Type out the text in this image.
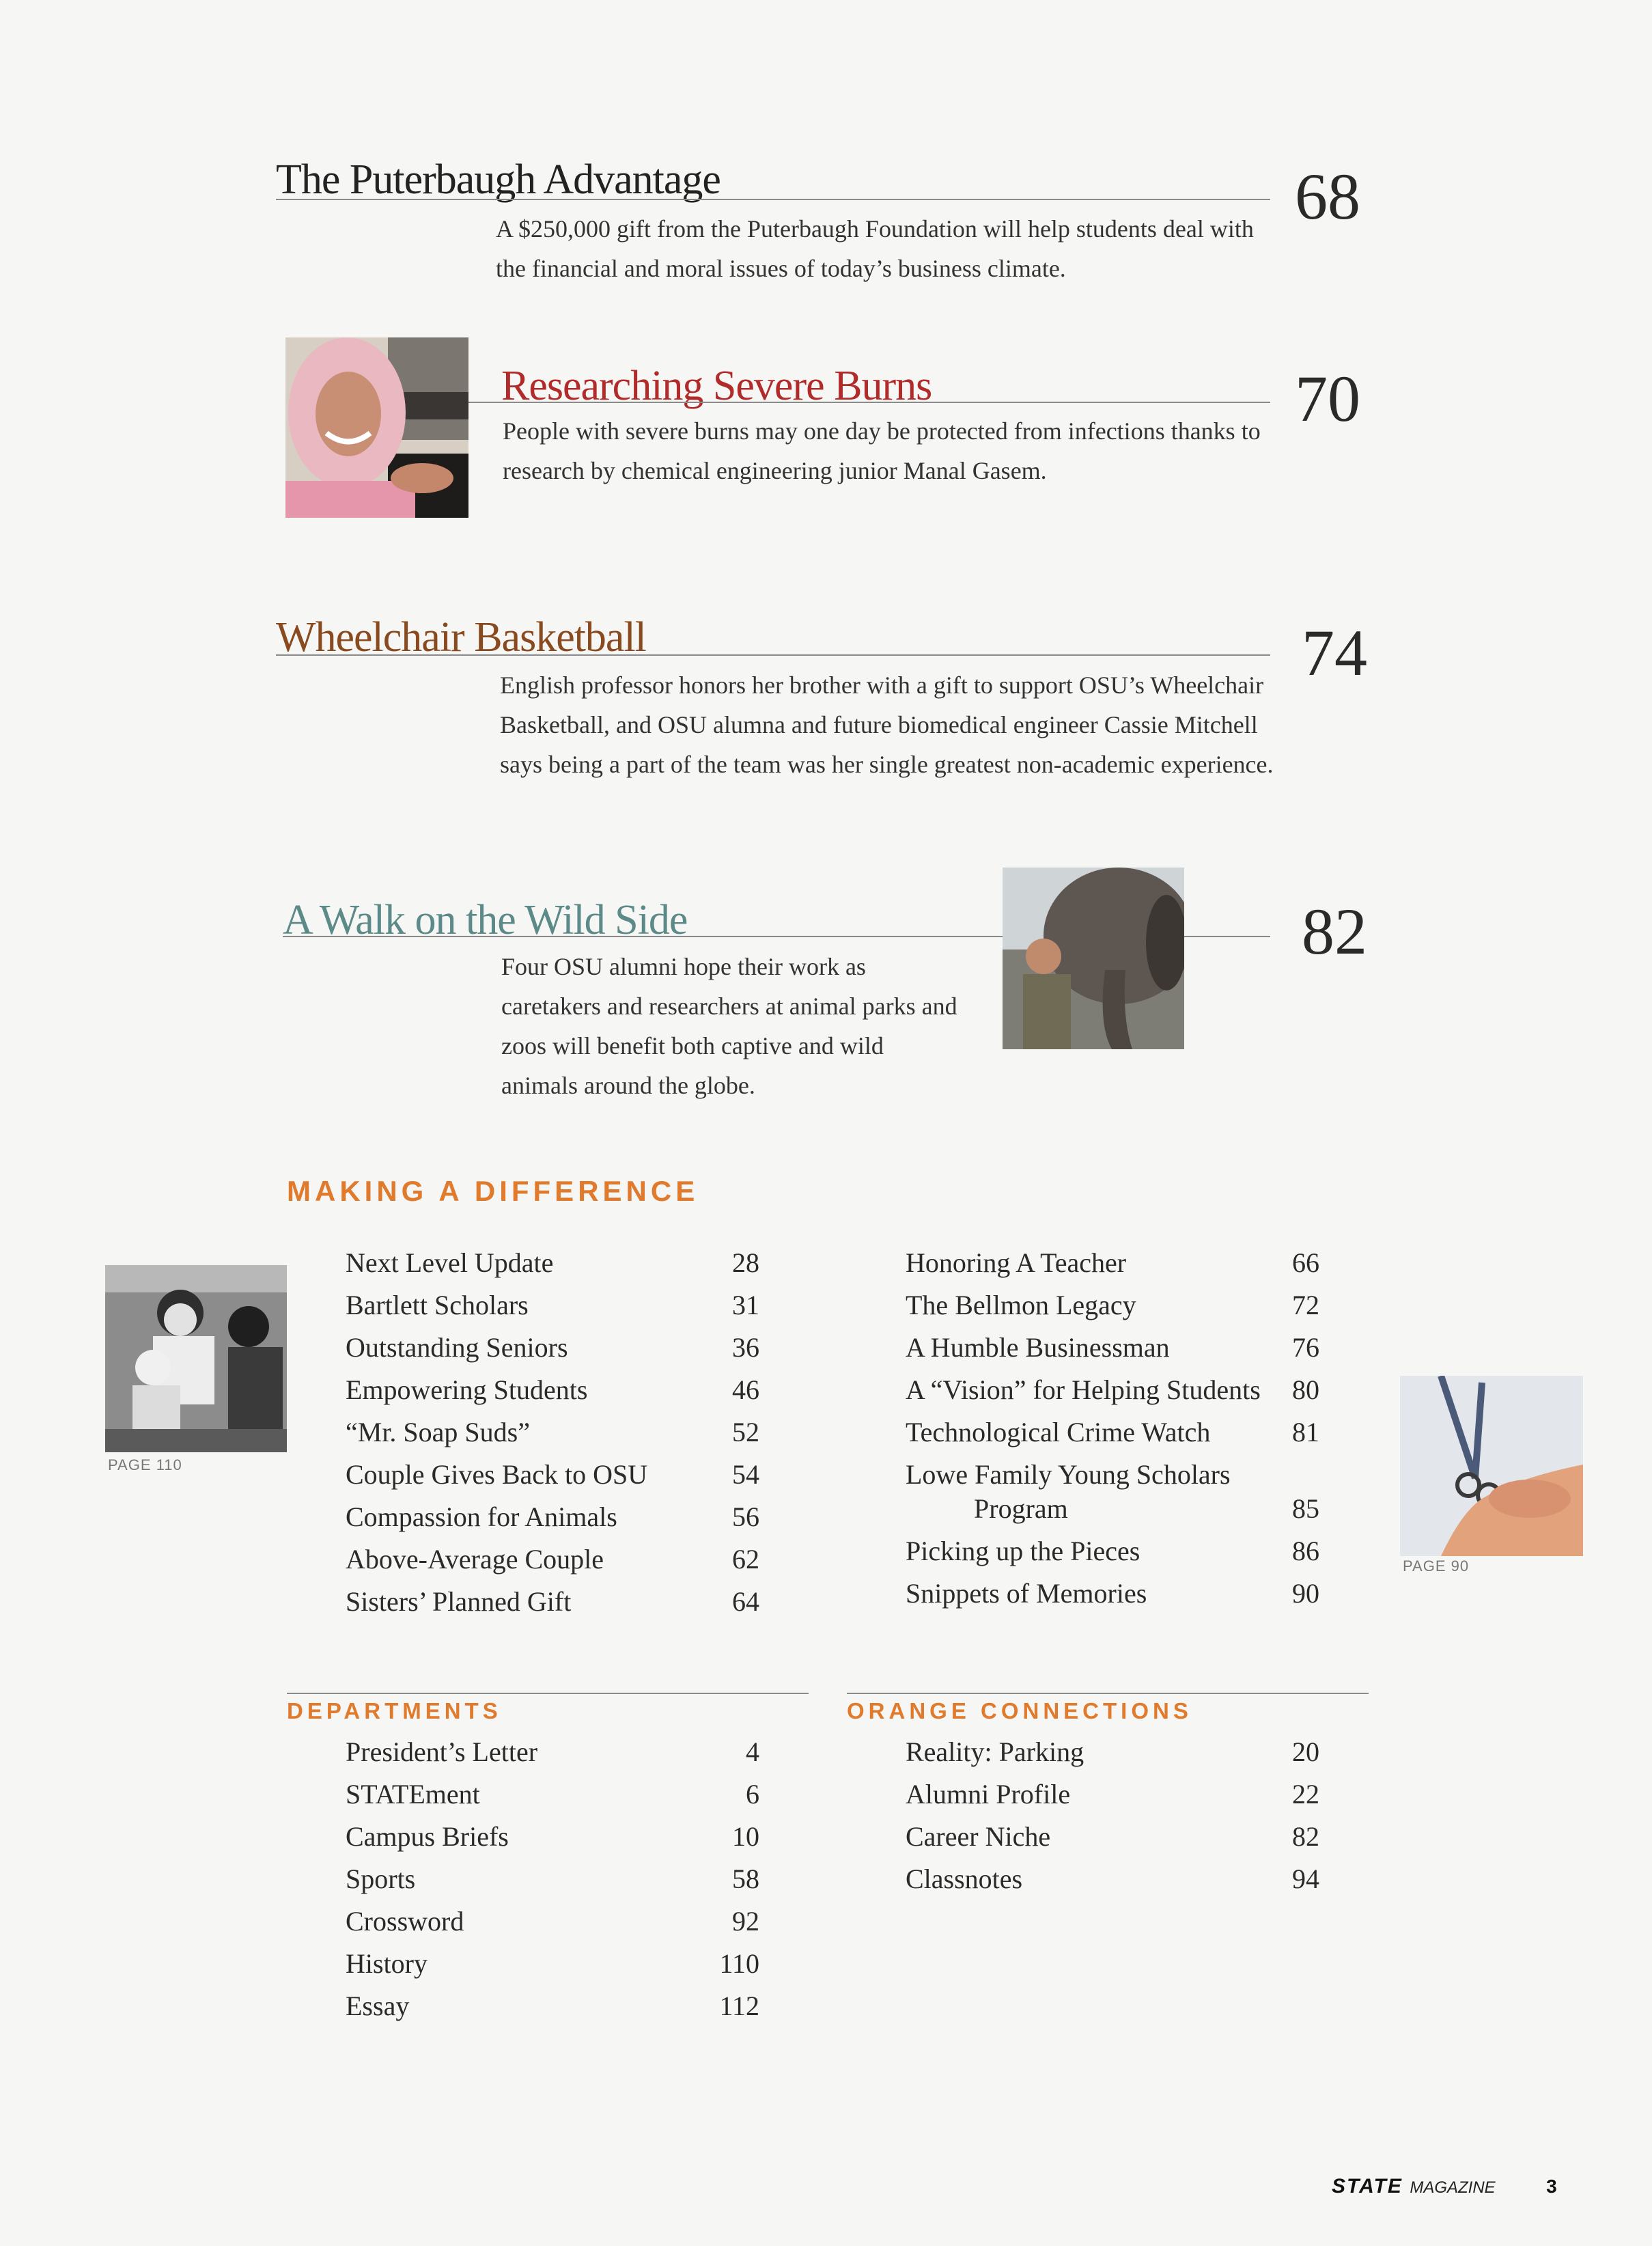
The Puterbaugh Advantage	68
A $250,000 gift from the Puterbaugh Foundation will help students deal with the financial and moral issues of today’s business climate.
Researching Severe Burns	70
People with severe burns may one day be protected from infections thanks to research by chemical engineering junior Manal Gasem.
Wheelchair Basketball	74
English professor honors her brother with a gift to support OSU’s Wheelchair Basketball, and OSU alumna and future biomedical engineer Cassie Mitchell says being a part of the team was her single greatest non-academic experience.
A Walk on the Wild Side	82
Four OSU alumni hope their work as caretakers and researchers at animal parks and zoos will benefit both captive and wild animals around the globe.
MAKING A DIFFERENCE
PAGE 110
Next Level Update	28
Bartlett Scholars	31
Outstanding Seniors	36
Empowering Students	46
“Mr. Soap Suds”	52
Couple Gives Back to OSU	54
Compassion for Animals	56
Above-Average Couple	62
Sisters’ Planned Gift	64
Honoring A Teacher	66
The Bellmon Legacy	72
A Humble Businessman	76
A “Vision” for Helping Students 80
Technological Crime Watch	81
Lowe Family Young Scholars
Program	85
Picking up the Pieces	86
Snippets of Memories	90
PAGE 90
DEPARTMENTS
President’s Letter	4
STATEment	6
Campus Briefs	10
Sports	58
Crossword	92
History	110
Essay	112
ORANGE CONNECTIONS
Reality: Parking	20
Alumni Profile	22
Career Niche	82
Classnotes	94
STATE MAGAZINE	3
